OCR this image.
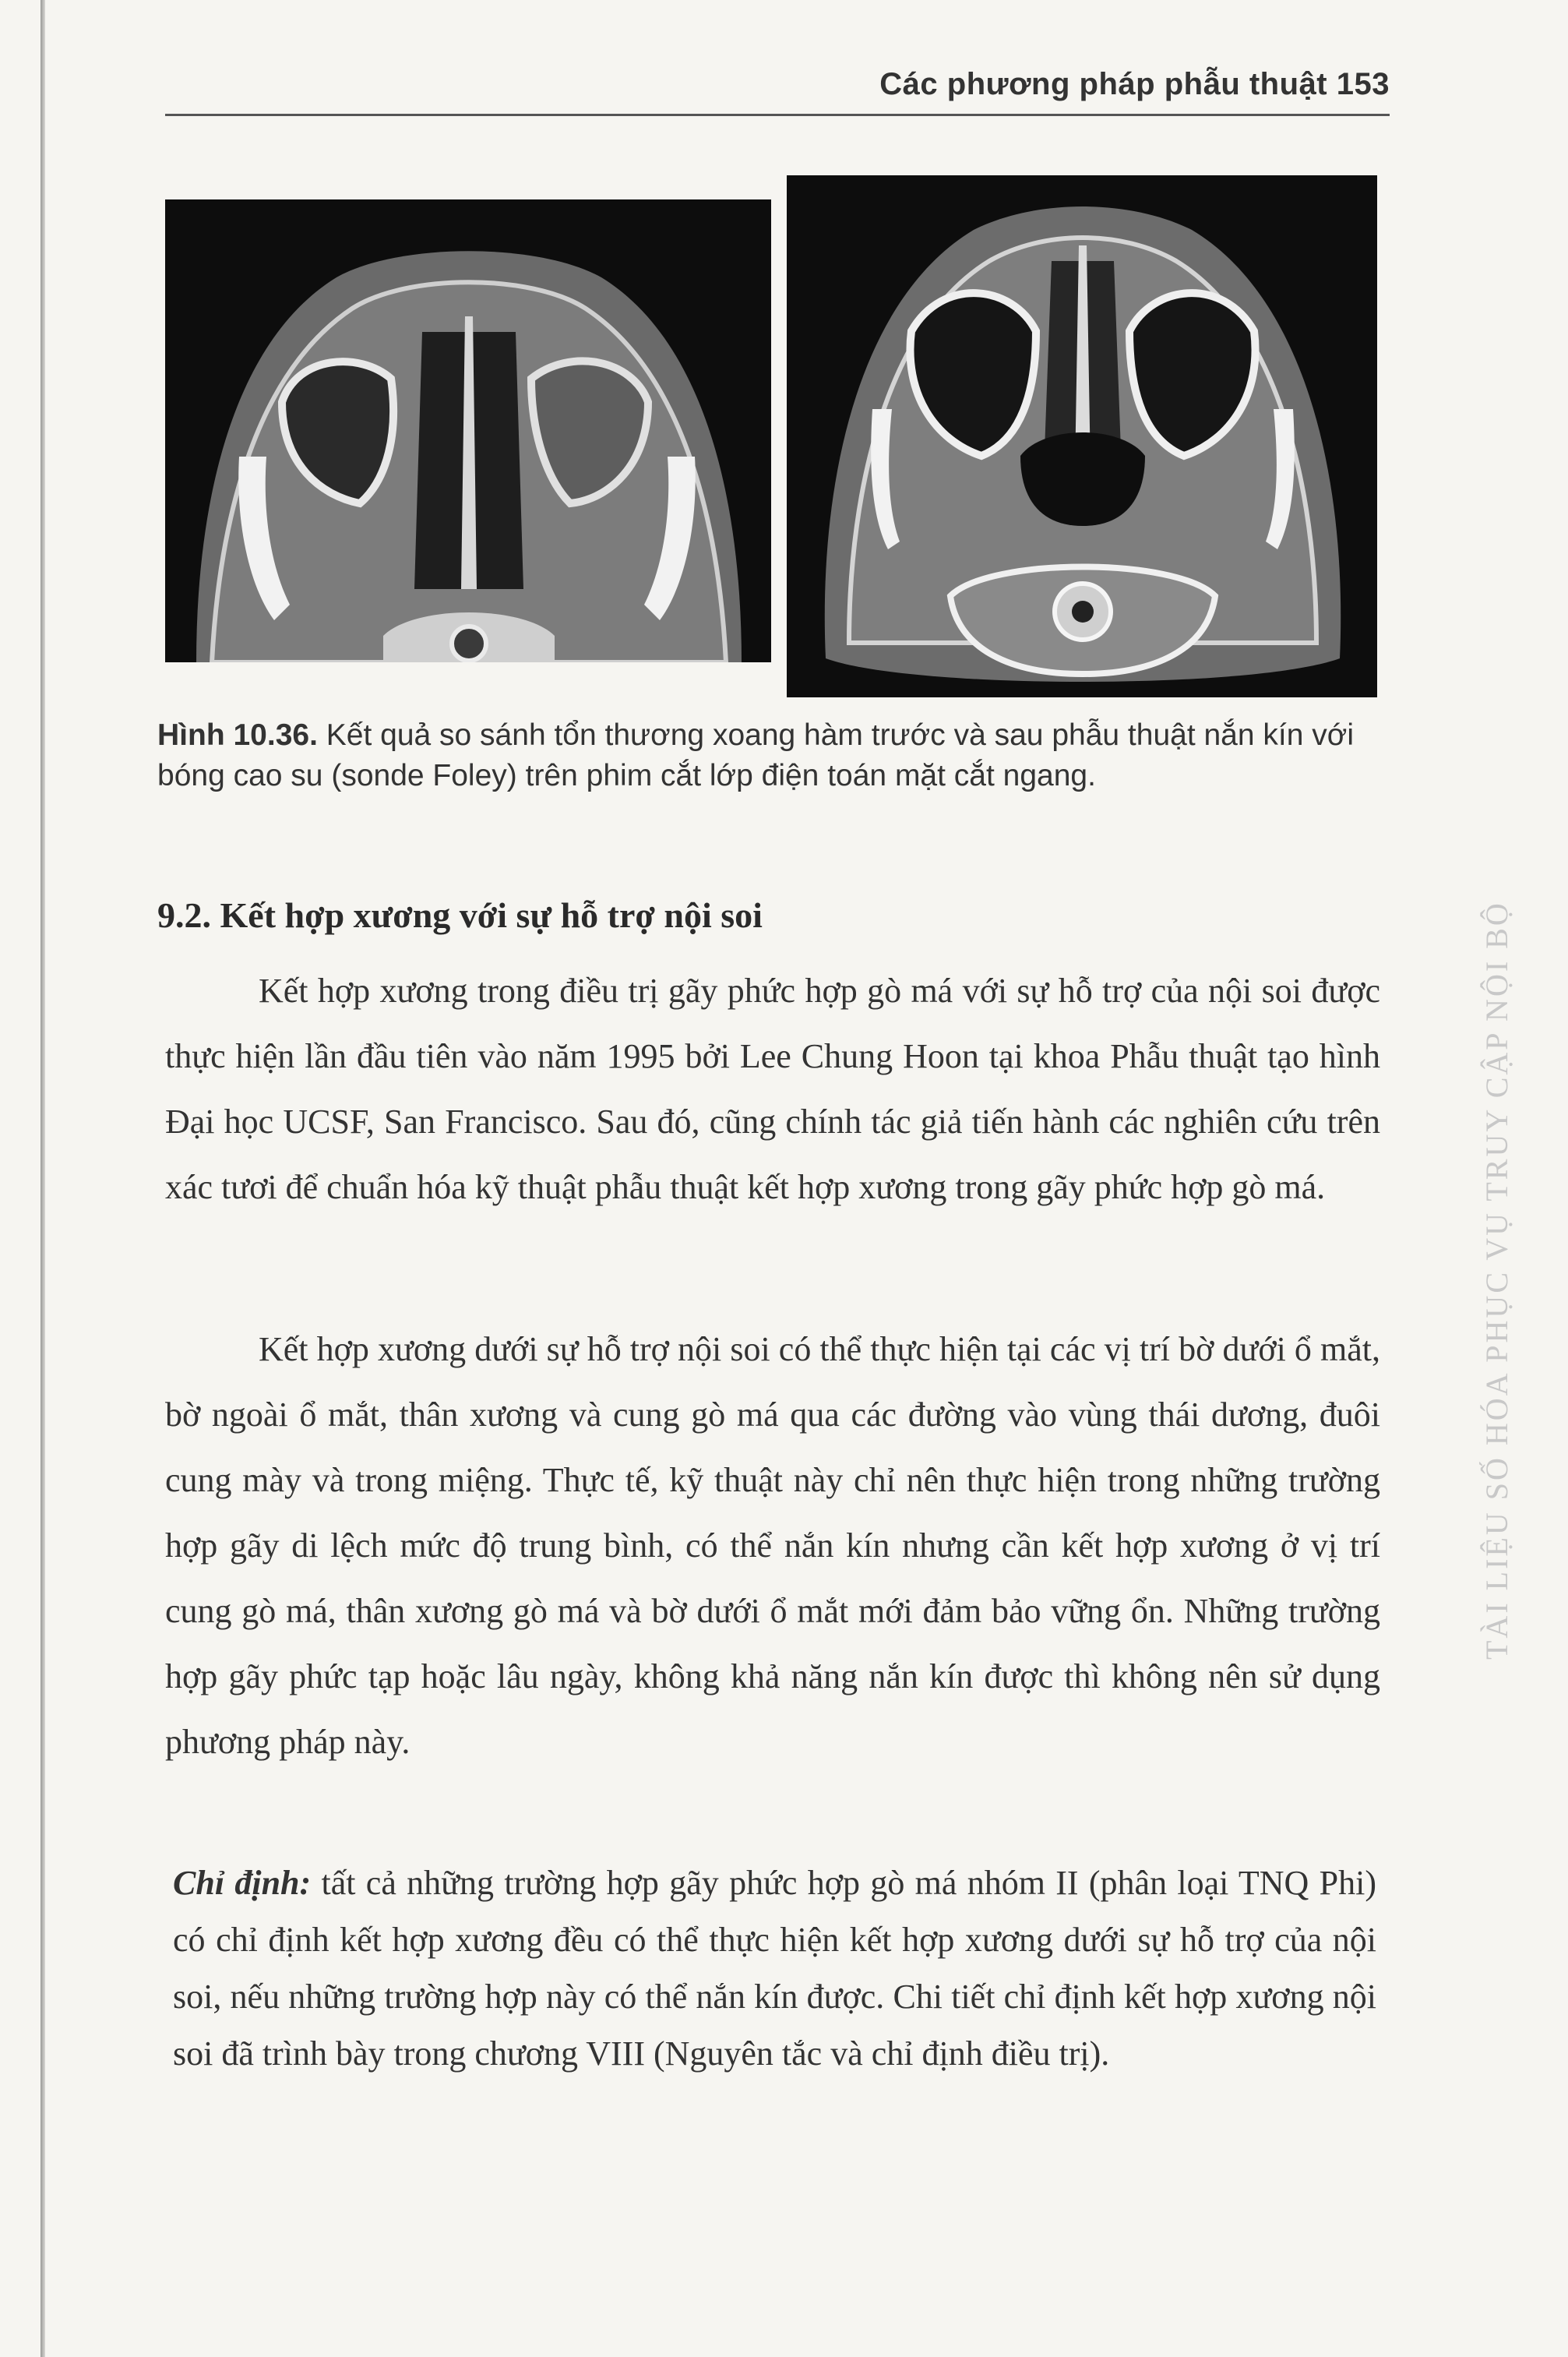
Các phương pháp phẫu thuật 153
Hình 10.36. Kết quả so sánh tổn thương xoang hàm trước và sau phẫu thuật nắn kín với bóng cao su (sonde Foley) trên phim cắt lớp điện toán mặt cắt ngang.
9.2. Kết hợp xương với sự hỗ trợ nội soi
Kết hợp xương trong điều trị gãy phức hợp gò má với sự hỗ trợ của nội soi được thực hiện lần đầu tiên vào năm 1995 bởi Lee Chung Hoon tại khoa Phẫu thuật tạo hình Đại học UCSF, San Francisco. Sau đó, cũng chính tác giả tiến hành các nghiên cứu trên xác tươi để chuẩn hóa kỹ thuật phẫu thuật kết hợp xương trong gãy phức hợp gò má.
Kết hợp xương dưới sự hỗ trợ nội soi có thể thực hiện tại các vị trí bờ dưới ổ mắt, bờ ngoài ổ mắt, thân xương và cung gò má qua các đường vào vùng thái dương, đuôi cung mày và trong miệng. Thực tế, kỹ thuật này chỉ nên thực hiện trong những trường hợp gãy di lệch mức độ trung bình, có thể nắn kín nhưng cần kết hợp xương ở vị trí cung gò má, thân xương gò má và bờ dưới ổ mắt mới đảm bảo vững ổn. Những trường hợp gãy phức tạp hoặc lâu ngày, không khả năng nắn kín được thì không nên sử dụng phương pháp này.
Chỉ định: tất cả những trường hợp gãy phức hợp gò má nhóm II (phân loại TNQ Phi) có chỉ định kết hợp xương đều có thể thực hiện kết hợp xương dưới sự hỗ trợ của nội soi, nếu những trường hợp này có thể nắn kín được. Chi tiết chỉ định kết hợp xương nội soi đã trình bày trong chương VIII (Nguyên tắc và chỉ định điều trị).
TÀI LIỆU SỐ HÓA PHỤC VỤ TRUY CẬP NỘI BỘ
